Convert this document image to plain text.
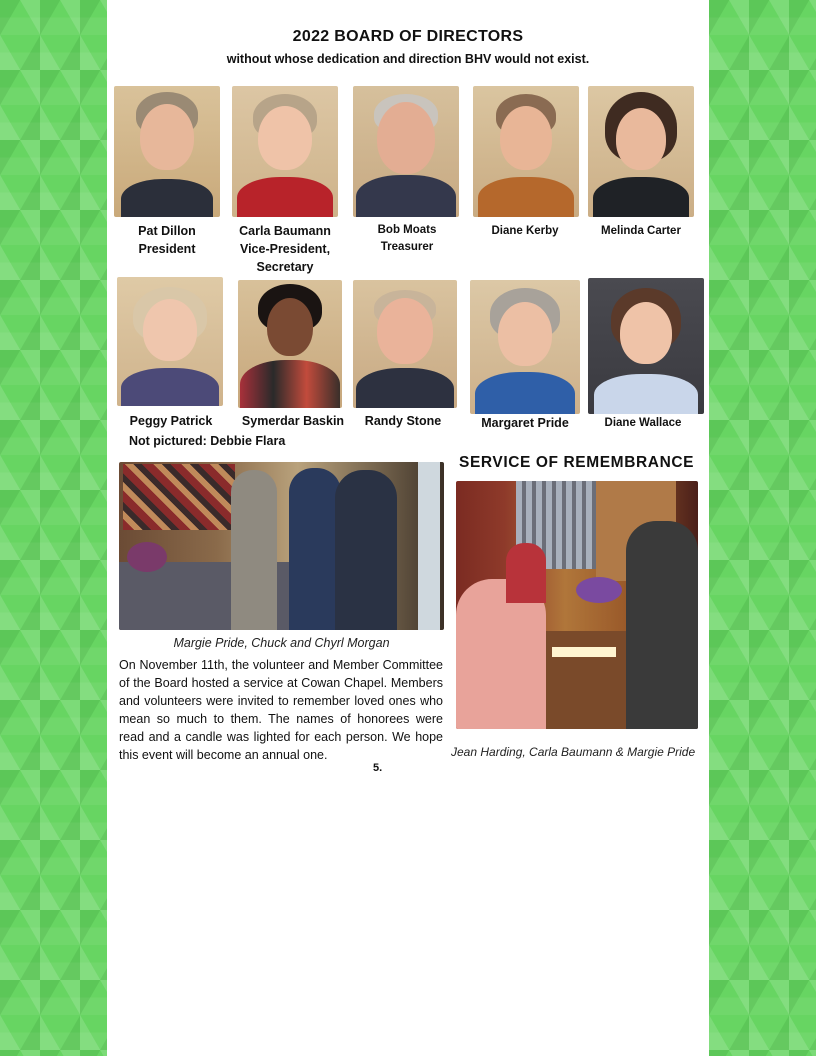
2022 BOARD OF DIRECTORS
without whose dedication and direction BHV would not exist.
Pat Dillon
President
Carla Baumann
Vice-President,
Secretary
Bob Moats
Treasurer
Diane Kerby	Melinda Carter
Peggy Patrick	Symerdar Baskin	Randy Stone	Margaret Pride	Diane Wallace
Not pictured: Debbie Flara
Margie Pride, Chuck and Chyrl Morgan
On November 11th, the volunteer and Member Committee of the Board hosted a service at Cowan Chapel. Members and volunteers were invited to remember loved ones who mean so much to them. The names of honorees were read and a candle was lighted for each person. We hope this event will become an annual one.
SERVICE OF REMEMBRANCE
Jean Harding, Carla Baumann & Margie Pride
5.
